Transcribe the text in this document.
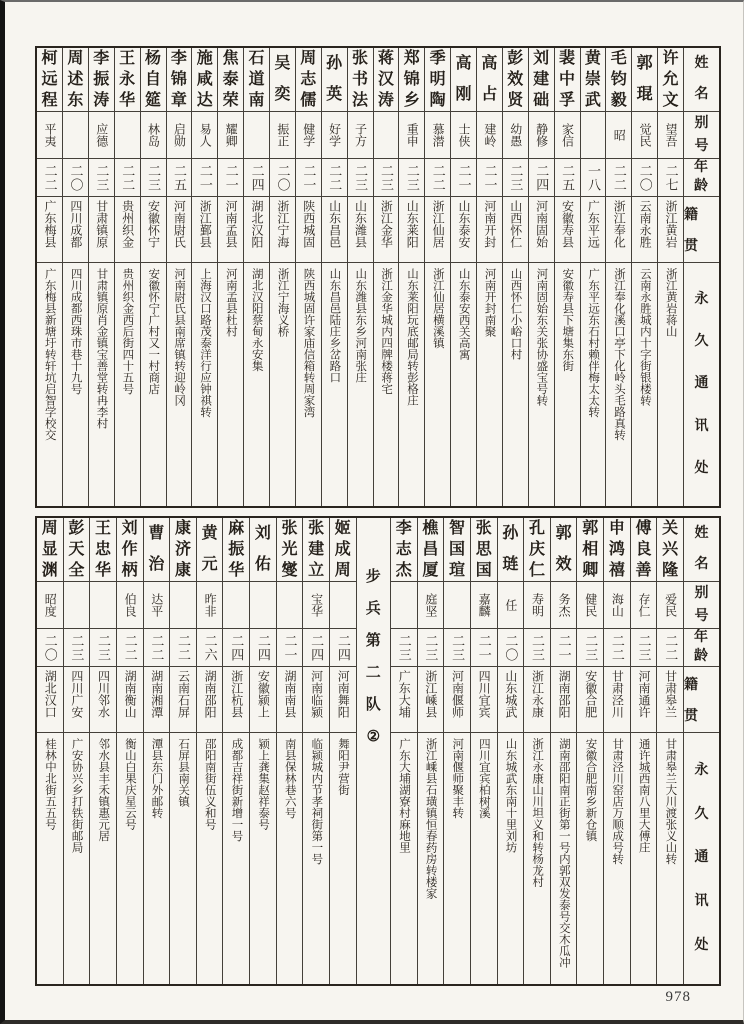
姓
名
别
号
年
龄
籍
贯
永
久
通
讯
处
许
允
文
望吾
二七
浙江黄岩
浙江黄岩蒋山
郭
琨
觉民
二〇
云南永胜
云南永胜城内十字街银楼转
毛
钧
毅
昭
二二
浙江奉化
浙江奉化溪口亭下化岭头毛路真转
黄
崇
武
一八
广东平远
广东平远东石村赖伴梅太太转
裴
中
孚
家信
二五
安徽寿县
安徽寿县下塘集东街
刘
建
础
静修
二四
河南固始
河南固始东关张协盛宝号转
彭
效
贤
幼愚
二三
山西怀仁
山西怀仁小峪口村
高
占
建岭
二一
河南开封
河南开封南聚
高
刚
士侠
二一
山东泰安
山东泰安西关高寓
季
明
陶
慕潜
二二
浙江仙居
浙江仙居横溪镇
郑
锦
乡
重申
二三
山东莱阳
山东莱阳玩底邮局转彭格庄
蒋
汉
涛
二三
浙江金华
浙江金华城内四牌楼蒋宅
张
书
法
子方
二三
山东潍县
山东潍县东乡河南张庄
孙
英
好学
二二
山东昌邑
山东昌邑陆庄乡岔路口
周
志
儒
健学
二一
陕西城固
陕西城固许家庙信箱转周家湾
吴
奕
振正
二〇
浙江宁海
浙江宁海义桥
石
道
南
二四
湖北汉阳
湖北汉阳蔡甸永安集
焦
泰
荣
耀卿
二一
河南孟县
河南孟县杜村
施
咸
达
易人
二一
浙江鄞县
上海汉口路茂泰洋行应钟祺转
李
锦
章
启勋
二五
河南尉氏
河南尉氏县南席镇转迎岭冈
杨
自
筵
林岛
二三
安徽怀宁
安徽怀宁广村又一村商店
王
永
华
二二
贵州织金
贵州织金西后街四十五号
李
振
涛
应德
二三
甘肃镇原
甘肃镇原肖金镇宝善堂转冉李村
周
述
东
二〇
四川成都
四川成都西珠市巷十九号
柯
远
程
平夷
二二
广东梅县
广东梅县新塘圩转轩坑启智学校交
姓
名
别
号
年
龄
籍
贯
永
久
通
讯
处
关
兴
隆
爱民
二二
甘肃皋兰
甘肃皋兰大川渡张义山转
傅
良
善
存仁
二三
河南通许
通许城西南八里大傅庄
申
鸿
禧
海山
二二
甘肃泾川
甘肃泾川窑店万顺成号转
郭
相
卿
健民
二三
安徽合肥
安徽合肥南乡新仓镇
郭
效
务杰
二一
湖南邵阳
湖南邵阳南正街第一号内郭双发泰号交木瓜冲
孔
庆
仁
寿明
二三
浙江永康
浙江永康山川坦义和转杨龙村
孙
琏
任
二〇
山东城武
山东城武东南十里刘坊
张
思
国
嘉麟
二一
四川宜宾
四川宜宾柏树溪
智
国
瑄
二三
河南偃师
河南偃师聚丰转
樵
昌
厦
庭坚
二三
浙江嵊县
浙江嵊县石璜镇恒春药房转楼家
李
志
杰
二三
广东大埔
广东大埔湖寮村麻地里
步
兵
第
二
队
②
姬
成
周
二四
河南舞阳
舞阳尹营街
张
建
立
宝华
二四
河南临颍
临颍城内节孝祠街第一号
张
光
燮
二一
湖南南县
南县保林巷六号
刘
佑
二四
安徽颍上
颍上龚集赵祥泰号
麻
振
华
二四
浙江杭县
成都吉祥街新增一号
黄
元
昨非
二六
湖南邵阳
邵阳南街伍义和号
康
济
康
二二
云南石屏
石屏县南关镇
曹
治
达平
二二
湖南湘潭
潭县东门外邮转
刘
作
柄
伯良
二二
湖南衡山
衡山白果庆星云号
王
忠
华
二三
四川邻水
邻水县丰禾镇惠元居
彭
天
全
二三
四川广安
广安协兴乡打铁街邮局
周
显
渊
昭度
二〇
湖北汉口
桂林中北街五五号
978
